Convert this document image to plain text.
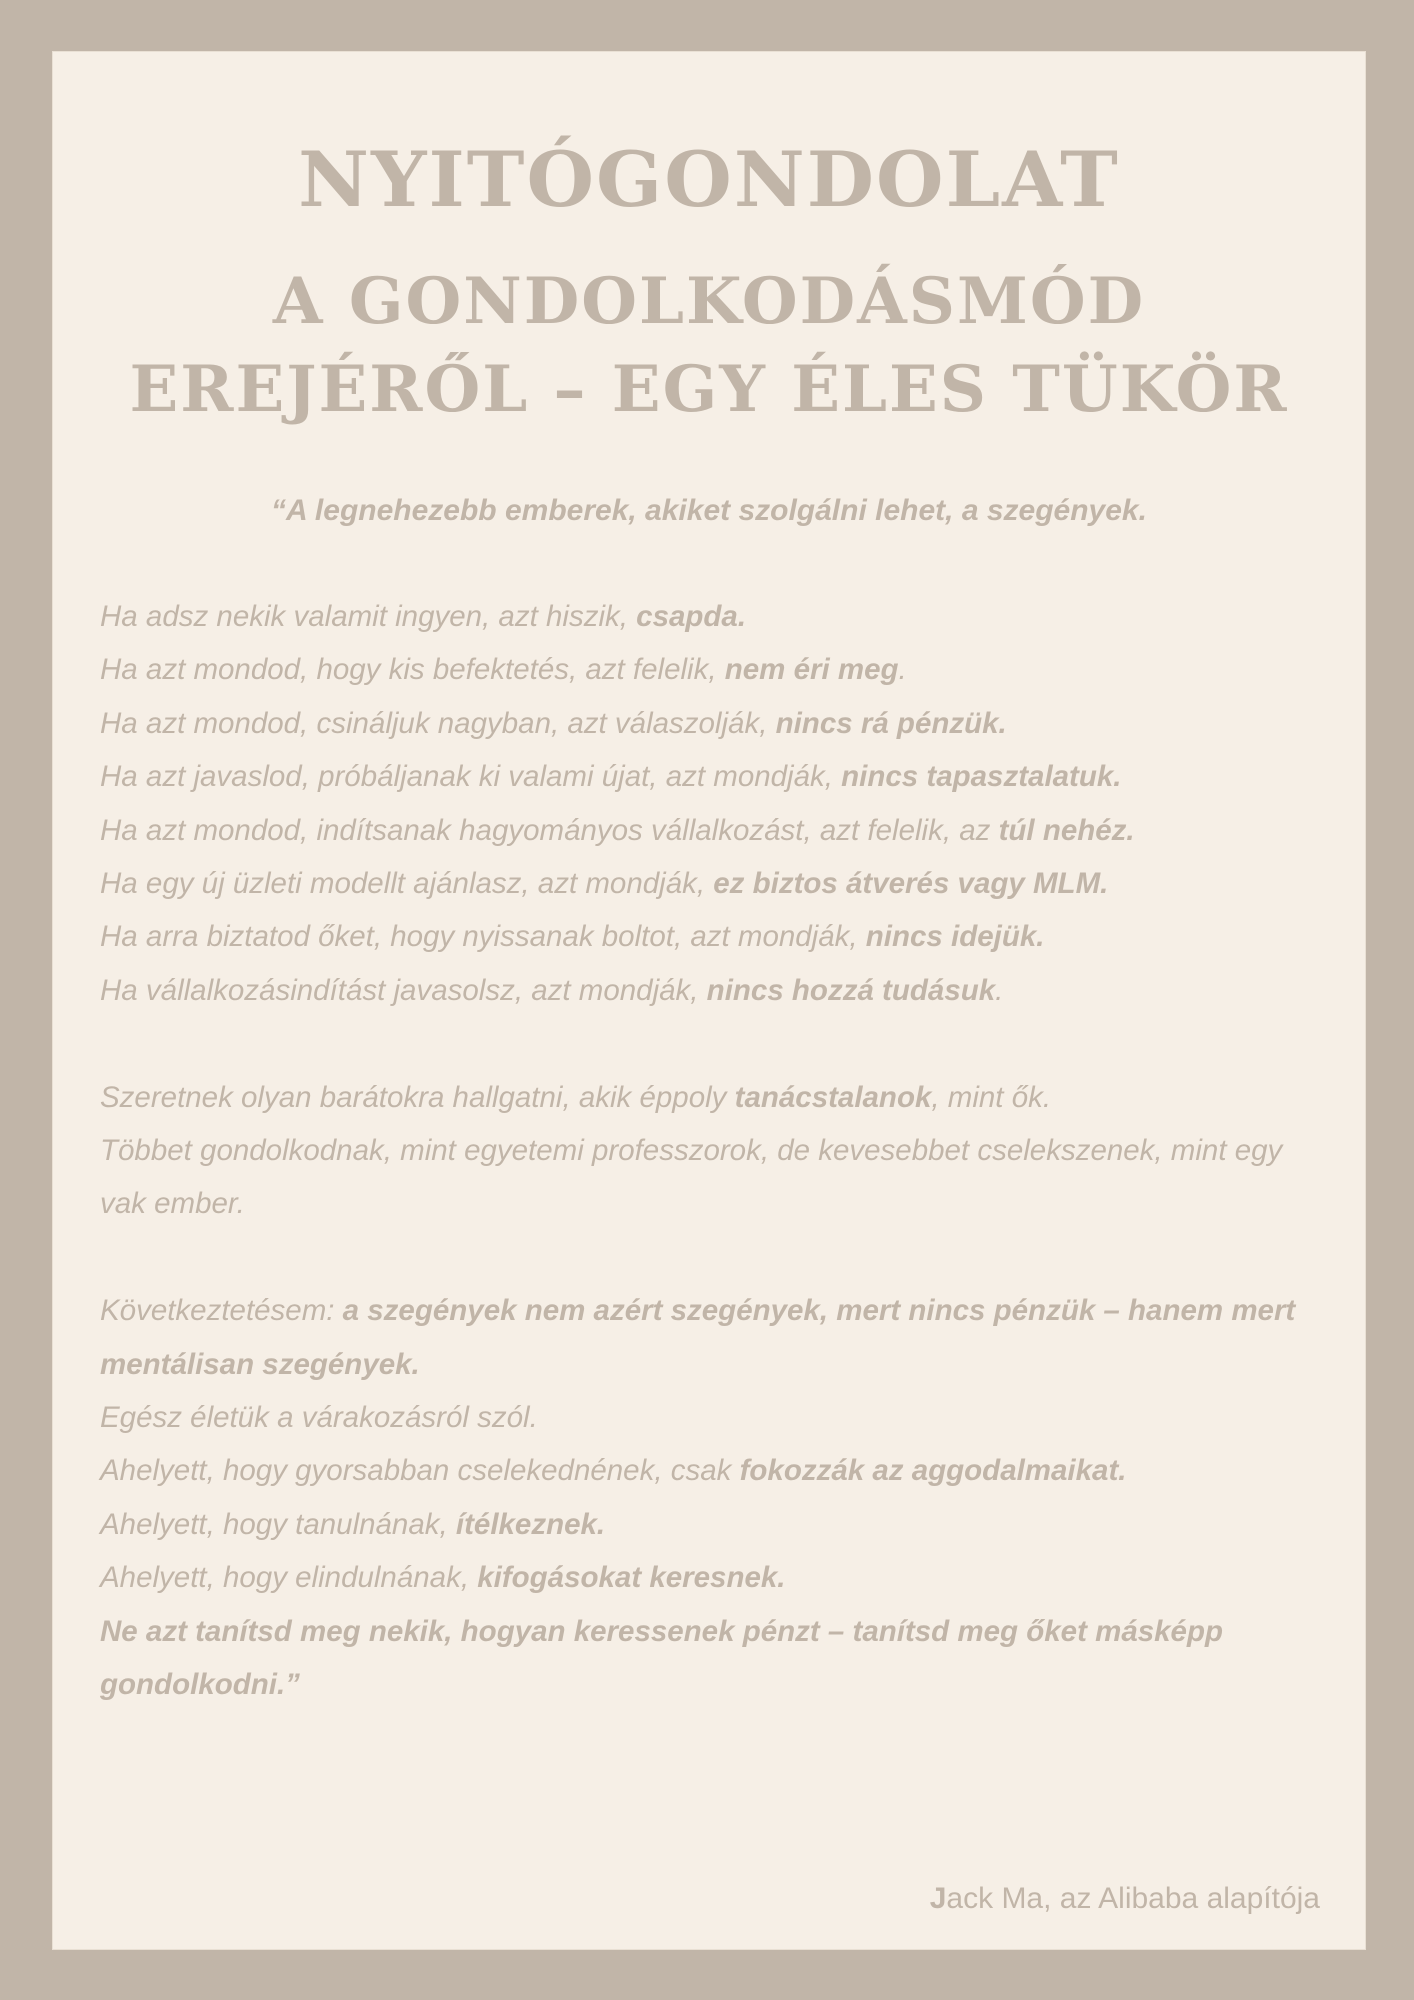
NYITÓGONDOLAT
A GONDOLKODÁSMÓD
EREJÉRŐL – EGY ÉLES TÜKÖR

“A legnehezebb emberek, akiket szolgálni lehet, a szegények.

Ha adsz nekik valamit ingyen, azt hiszik, csapda.
Ha azt mondod, hogy kis befektetés, azt felelik, nem éri meg.
Ha azt mondod, csináljuk nagyban, azt válaszolják, nincs rá pénzük.
Ha azt javaslod, próbáljanak ki valami újat, azt mondják, nincs tapasztalatuk.
Ha azt mondod, indítsanak hagyományos vállalkozást, azt felelik, az túl nehéz.
Ha egy új üzleti modellt ajánlasz, azt mondják, ez biztos átverés vagy MLM.
Ha arra biztatod őket, hogy nyissanak boltot, azt mondják, nincs idejük.
Ha vállalkozásindítást javasolsz, azt mondják, nincs hozzá tudásuk.
Szeretnek olyan barátokra hallgatni, akik éppoly tanácstalanok, mint ők.
Többet gondolkodnak, mint egyetemi professzorok, de kevesebbet cselekszenek, mint egy vak ember.
Következtetésem: a szegények nem azért szegények, mert nincs pénzük – hanem mert mentálisan szegények.
Egész életük a várakozásról szól.
Ahelyett, hogy gyorsabban cselekednének, csak fokozzák az aggodalmaikat.
Ahelyett, hogy tanulnának, ítélkeznek.
Ahelyett, hogy elindulnának, kifogásokat keresnek.
Ne azt tanítsd meg nekik, hogyan keressenek pénzt – tanítsd meg őket másképp gondolkodni.”
Jack Ma, az Alibaba alapítója
